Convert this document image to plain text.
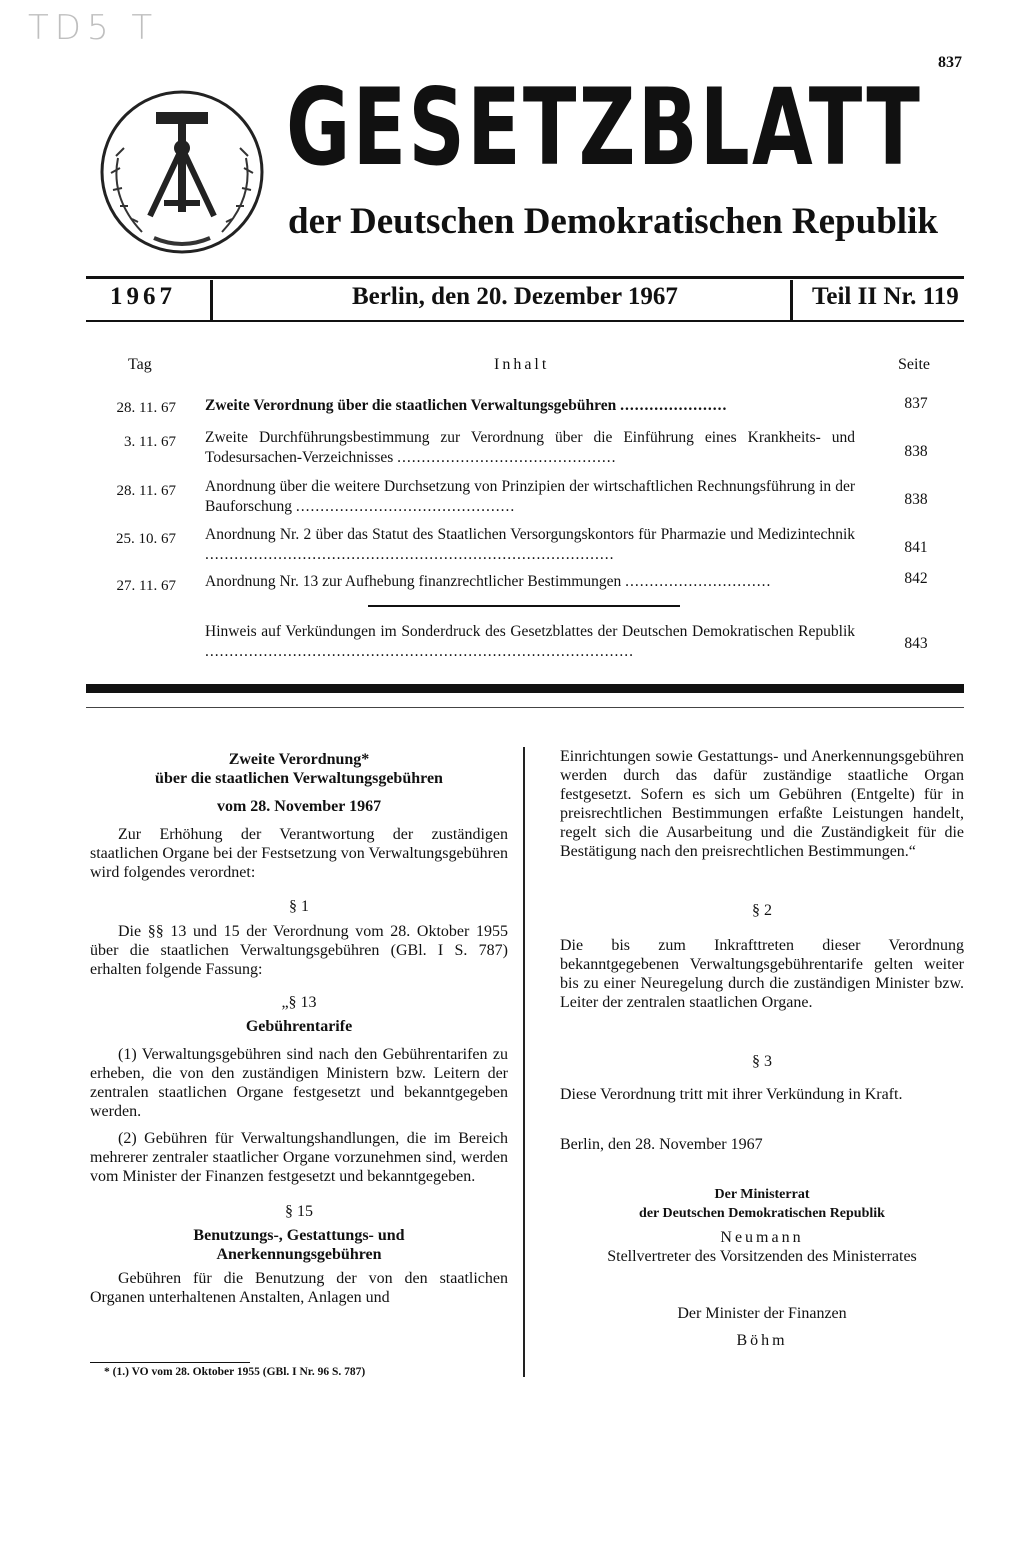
TD5 T
837
GESETZBLATT
der Deutschen Demokratischen Republik
1967	Berlin, den 20. Dezember 1967	Teil II Nr. 119
Tag	Inhalt	Seite
28. 11. 67 Zweite Verordnung über die staatlichen Verwaltungsgebühren ......................	837
3. 11. 67 Zweite Durchführungsbestimmung zur Verordnung über die Einführung eines Krankheits- und Todesursachen-Verzeichnisses .............................................	838
28. 11. 67 Anordnung über die weitere Durchsetzung von Prinzipien der wirtschaftlichen Rechnungsführung in der Bauforschung .............................................	838
25. 10. 67 Anordnung Nr. 2 über das Statut des Staatlichen Versorgungskontors für Pharmazie und Medizintechnik ....................................................................................	841
27. 11. 67 Anordnung Nr. 13 zur Aufhebung finanzrechtlicher Bestimmungen ..............................	842
Hinweis auf Verkündungen im Sonderdruck des Gesetzblattes der Deutschen Demokratischen Republik ........................................................................................	843

Zweite Verordnung*

über die staatlichen Verwaltungsgebühren

vom 28. November 1967

Zur Erhöhung der Verantwortung der zuständigen staatlichen Organe bei der Festsetzung von Verwaltungsgebühren wird folgendes verordnet:

§ 1

Die §§ 13 und 15 der Verordnung vom 28. Oktober 1955 über die staatlichen Verwaltungsgebühren (GBl. I S. 787) erhalten folgende Fassung:

„§ 13

Gebührentarife

(1) Verwaltungsgebühren sind nach den Gebührentarifen zu erheben, die von den zuständigen Ministern bzw. Leitern der zentralen staatlichen Organe festgesetzt und bekanntgegeben werden.

(2) Gebühren für Verwaltungshandlungen, die im Bereich mehrerer zentraler staatlicher Organe vorzunehmen sind, werden vom Minister der Finanzen festgesetzt und bekanntgegeben.

§ 15

Benutzungs-, Gestattungs- und Anerkennungsgebühren

Gebühren für die Benutzung der von den staatlichen Organen unterhaltenen Anstalten, Anlagen und

Einrichtungen sowie Gestattungs- und Anerkennungsgebühren werden durch das dafür zuständige staatliche Organ festgesetzt. Sofern es sich um Gebühren (Entgelte) für in preisrechtlichen Bestimmungen erfaßte Leistungen handelt, regelt sich die Ausarbeitung und die Zuständigkeit für die Bestätigung nach den preisrechtlichen Bestimmungen.“

§ 2

Die bis zum Inkrafttreten dieser Verordnung bekanntgegebenen Verwaltungsgebührentarife gelten weiter bis zu einer Neuregelung durch die zuständigen Minister bzw. Leiter der zentralen staatlichen Organe.

§ 3

Diese Verordnung tritt mit ihrer Verkündung in Kraft.

Berlin, den 28. November 1967

Der Ministerrat

der Deutschen Demokratischen Republik

Neumann

Stellvertreter des Vorsitzenden des Ministerrates

Der Minister der Finanzen

Böhm

* (1.) VO vom 28. Oktober 1955 (GBl. I Nr. 96 S. 787)
